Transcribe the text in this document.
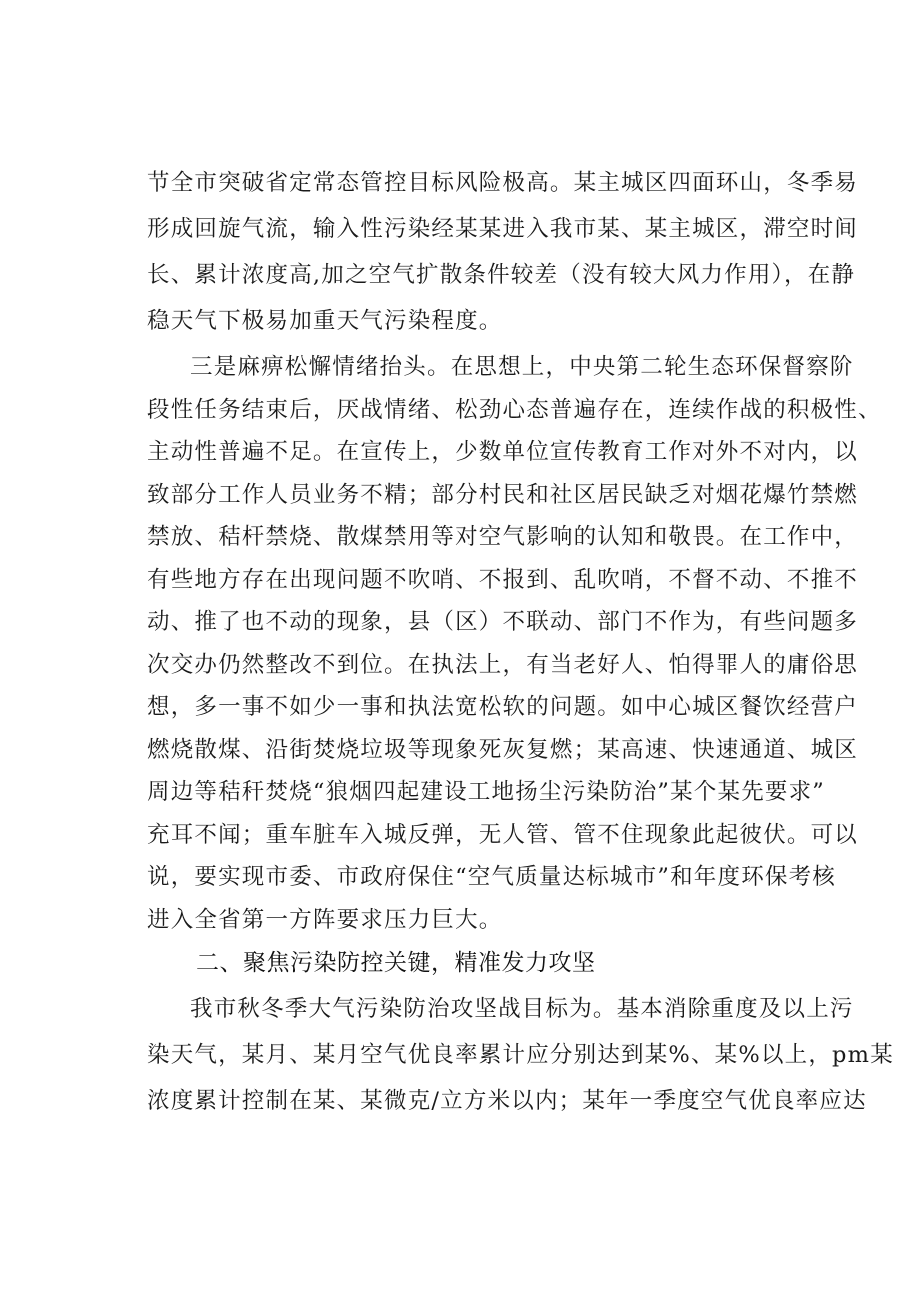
节全市突破省定常态管控目标风险极高。某主城区四面环山，冬季易
形成回旋气流，输入性污染经某某进入我市某、某主城区，滞空时间
长、累计浓度高,加之空气扩散条件较差（没有较大风力作用），在静
稳天气下极易加重天气污染程度。
二、聚焦污染防控关键，精准发力攻坚
我市秋冬季大气污染防治攻坚战目标为。基本消除重度及以上污
染天气，某月、某月空气优良率累计应分别达到某%、某%以上，pm某
浓度累计控制在某、某微克/立方米以内；某年一季度空气优良率应达
三是麻痹松懈情绪抬头。在思想上，中央第二轮生态环保督察阶
段性任务结束后，厌战情绪、松劲心态普遍存在，连续作战的积极性、
主动性普遍不足。在宣传上，少数单位宣传教育工作对外不对内，以
致部分工作人员业务不精；部分村民和社区居民缺乏对烟花爆竹禁燃
禁放、秸杆禁烧、散煤禁用等对空气影响的认知和敬畏。在工作中，
有些地方存在出现问题不吹哨、不报到、乱吹哨，不督不动、不推不
动、推了也不动的现象，县（区）不联动、部门不作为，有些问题多
次交办仍然整改不到位。在执法上，有当老好人、怕得罪人的庸俗思
想，多一事不如少一事和执法宽松软的问题。如中心城区餐饮经营户
燃烧散煤、沿街焚烧垃圾等现象死灰复燃；某高速、快速通道、城区
周边等秸秆焚烧“狼烟四起建设工地扬尘污染防治”某个某先要求”
充耳不闻；重车脏车入城反弹，无人管、管不住现象此起彼伏。可以
说，要实现市委、市政府保住“空气质量达标城市”和年度环保考核
进入全省第一方阵要求压力巨大。
